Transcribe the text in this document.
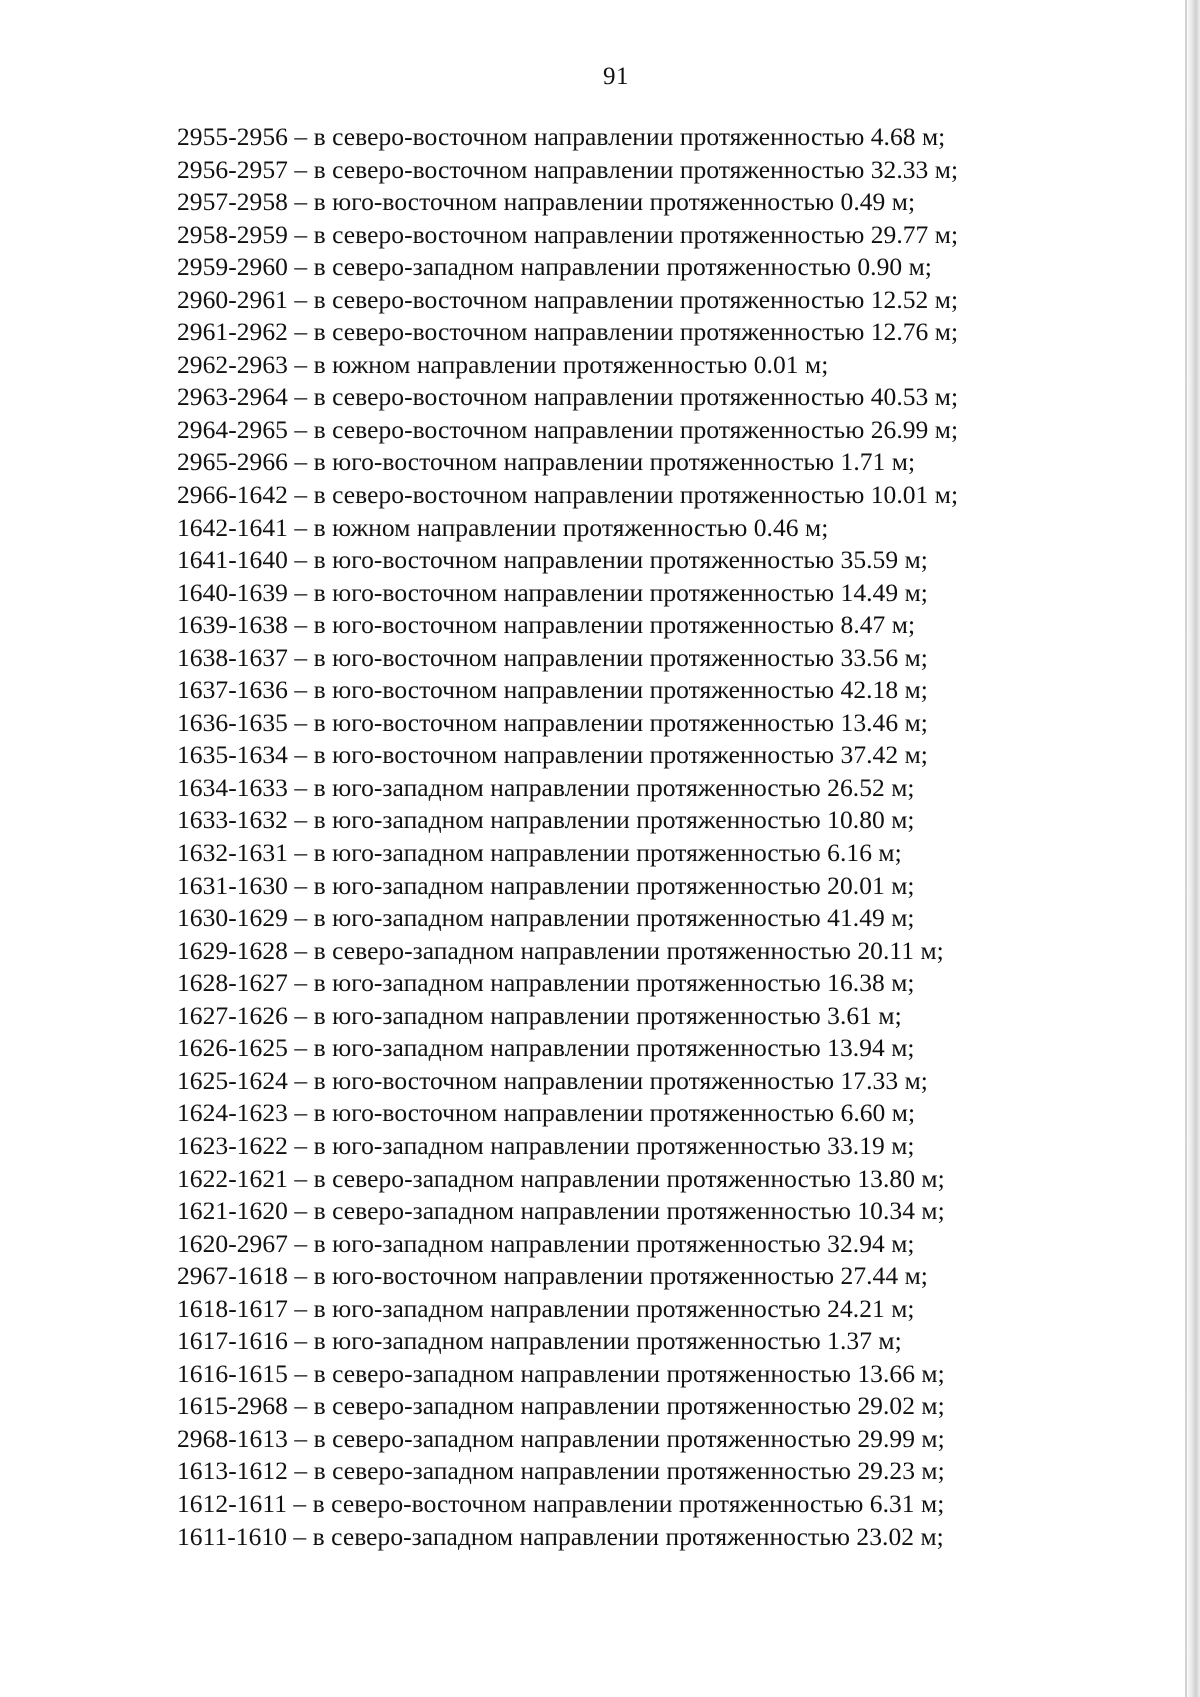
91
2955-2956 – в северо-восточном направлении протяженностью 4.68 м;
2956-2957 – в северо-восточном направлении протяженностью 32.33 м;
2957-2958 – в юго-восточном направлении протяженностью 0.49 м;
2958-2959 – в северо-восточном направлении протяженностью 29.77 м;
2959-2960 – в северо-западном направлении протяженностью 0.90 м;
2960-2961 – в северо-восточном направлении протяженностью 12.52 м;
2961-2962 – в северо-восточном направлении протяженностью 12.76 м;
2962-2963 – в южном направлении протяженностью 0.01 м;
2963-2964 – в северо-восточном направлении протяженностью 40.53 м;
2964-2965 – в северо-восточном направлении протяженностью 26.99 м;
2965-2966 – в юго-восточном направлении протяженностью 1.71 м;
2966-1642 – в северо-восточном направлении протяженностью 10.01 м;
1642-1641 – в южном направлении протяженностью 0.46 м;
1641-1640 – в юго-восточном направлении протяженностью 35.59 м;
1640-1639 – в юго-восточном направлении протяженностью 14.49 м;
1639-1638 – в юго-восточном направлении протяженностью 8.47 м;
1638-1637 – в юго-восточном направлении протяженностью 33.56 м;
1637-1636 – в юго-восточном направлении протяженностью 42.18 м;
1636-1635 – в юго-восточном направлении протяженностью 13.46 м;
1635-1634 – в юго-восточном направлении протяженностью 37.42 м;
1634-1633 – в юго-западном направлении протяженностью 26.52 м;
1633-1632 – в юго-западном направлении протяженностью 10.80 м;
1632-1631 – в юго-западном направлении протяженностью 6.16 м;
1631-1630 – в юго-западном направлении протяженностью 20.01 м;
1630-1629 – в юго-западном направлении протяженностью 41.49 м;
1629-1628 – в северо-западном направлении протяженностью 20.11 м;
1628-1627 – в юго-западном направлении протяженностью 16.38 м;
1627-1626 – в юго-западном направлении протяженностью 3.61 м;
1626-1625 – в юго-западном направлении протяженностью 13.94 м;
1625-1624 – в юго-восточном направлении протяженностью 17.33 м;
1624-1623 – в юго-восточном направлении протяженностью 6.60 м;
1623-1622 – в юго-западном направлении протяженностью 33.19 м;
1622-1621 – в северо-западном направлении протяженностью 13.80 м;
1621-1620 – в северо-западном направлении протяженностью 10.34 м;
1620-2967 – в юго-западном направлении протяженностью 32.94 м;
2967-1618 – в юго-восточном направлении протяженностью 27.44 м;
1618-1617 – в юго-западном направлении протяженностью 24.21 м;
1617-1616 – в юго-западном направлении протяженностью 1.37 м;
1616-1615 – в северо-западном направлении протяженностью 13.66 м;
1615-2968 – в северо-западном направлении протяженностью 29.02 м;
2968-1613 – в северо-западном направлении протяженностью 29.99 м;
1613-1612 – в северо-западном направлении протяженностью 29.23 м;
1612-1611 – в северо-восточном направлении протяженностью 6.31 м;
1611-1610 – в северо-западном направлении протяженностью 23.02 м;
